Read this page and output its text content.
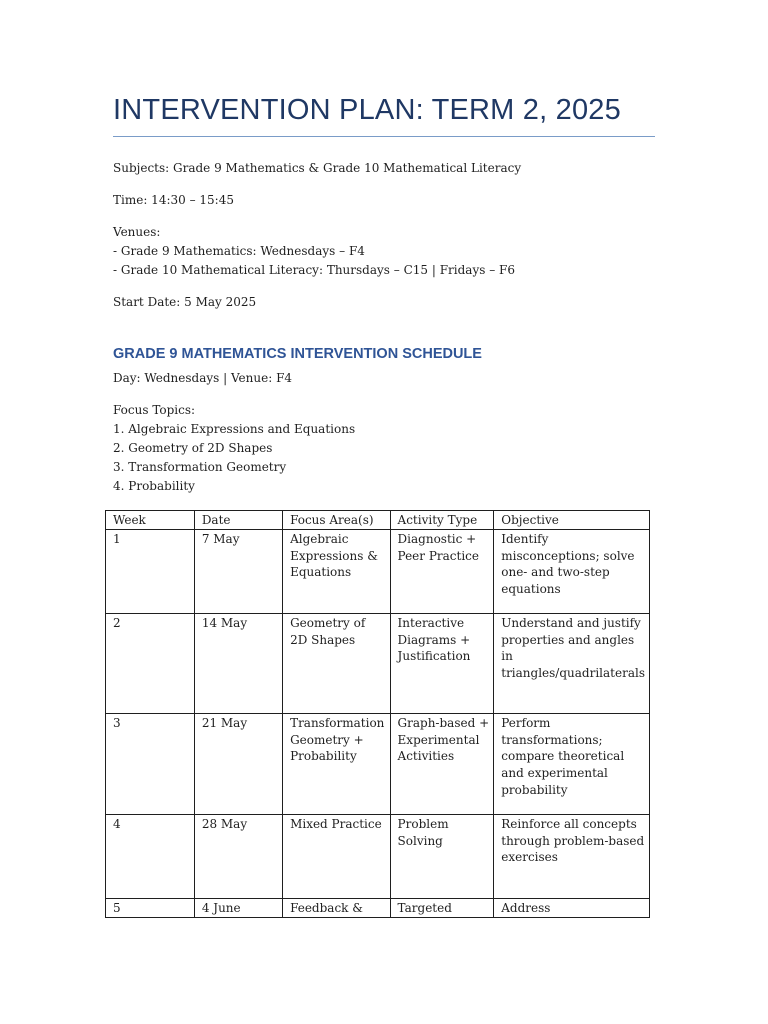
INTERVENTION PLAN: TERM 2, 2025
Subjects: Grade 9 Mathematics & Grade 10 Mathematical Literacy
Time: 14:30 – 15:45
Venues:
- Grade 9 Mathematics: Wednesdays – F4
- Grade 10 Mathematical Literacy: Thursdays – C15 | Fridays – F6
Start Date: 5 May 2025
GRADE 9 MATHEMATICS INTERVENTION SCHEDULE
Day: Wednesdays | Venue: F4
Focus Topics:
1. Algebraic Expressions and Equations
2. Geometry of 2D Shapes
3. Transformation Geometry
4. Probability
Week	Date	Focus Area(s)	Activity Type	Objective
1	7 May	Algebraic Expressions & Equations	Diagnostic + Peer Practice	Identify misconceptions; solve one- and two-step equations
2	14 May	Geometry of 2D Shapes	Interactive Diagrams + Justification	Understand and justify properties and angles in triangles/quadrilaterals
3	21 May	Transformation Geometry + Probability	Graph-based + Experimental Activities	Perform transformations; compare theoretical and experimental probability
4	28 May	Mixed Practice	Problem Solving	Reinforce all concepts through problem-based exercises
5	4 June	Feedback &	Targeted	Address
